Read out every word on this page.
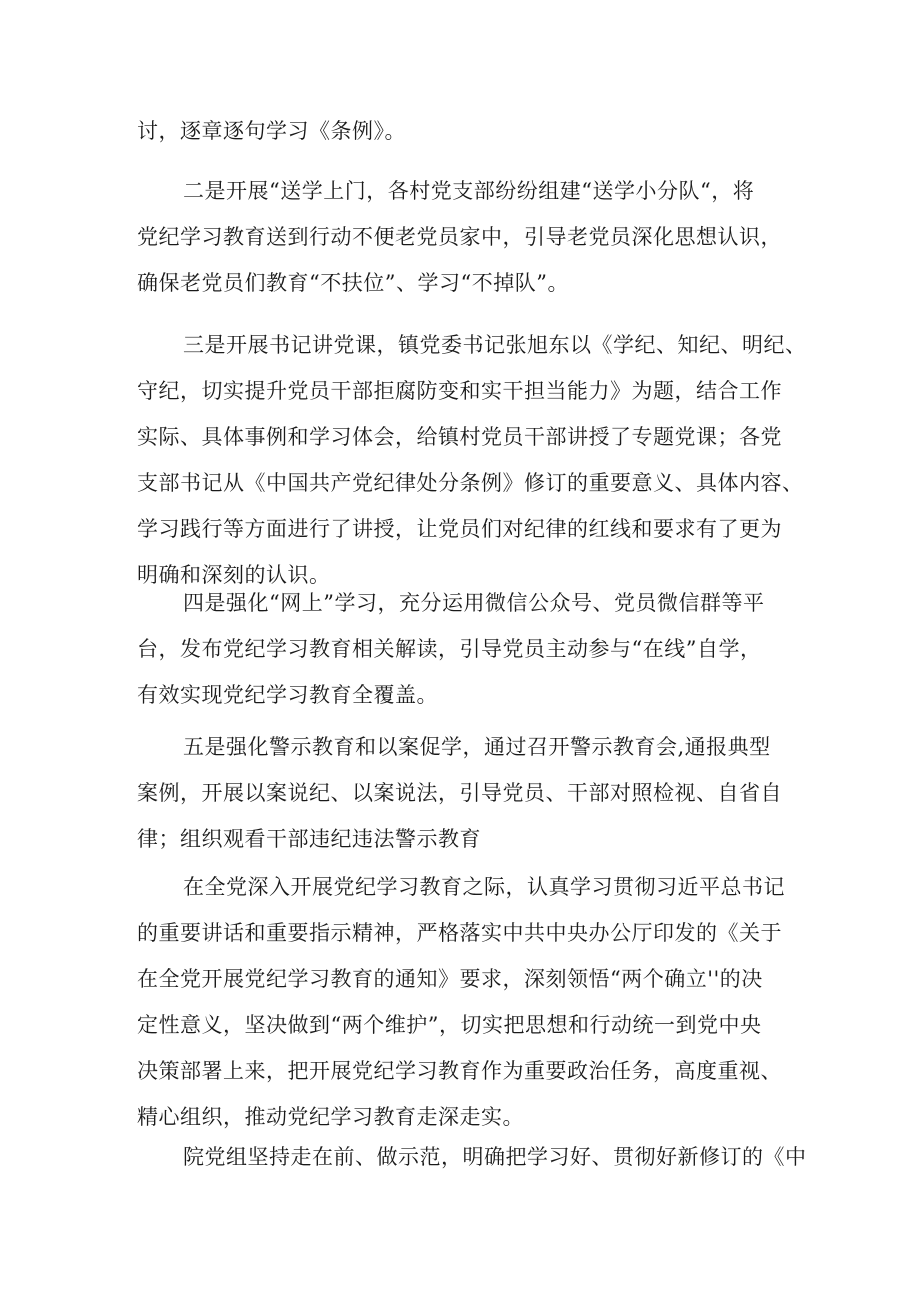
讨，逐章逐句学习《条例》。
二是开展“送学上门，各村党支部纷纷组建“送学小分队“，将
党纪学习教育送到行动不便老党员家中，引导老党员深化思想认识，
确保老党员们教育“不扶位”、学习“不掉队”。
三是开展书记讲党课，镇党委书记张旭东以《学纪、知纪、明纪、
守纪，切实提升党员干部拒腐防变和实干担当能力》为题，结合工作
实际、具体事例和学习体会，给镇村党员干部讲授了专题党课；各党
支部书记从《中国共产党纪律处分条例》修订的重要意义、具体内容、
学习践行等方面进行了讲授，让党员们对纪律的红线和要求有了更为
明确和深刻的认识。
四是强化“网上”学习，充分运用微信公众号、党员微信群等平
台，发布党纪学习教育相关解读，引导党员主动参与“在线”自学，
有效实现党纪学习教育全覆盖。
五是强化警示教育和以案促学，通过召开警示教育会,通报典型
案例，开展以案说纪、以案说法，引导党员、干部对照检视、自省自
律；组织观看干部违纪违法警示教育
在全党深入开展党纪学习教育之际，认真学习贯彻习近平总书记
的重要讲话和重要指示精神，严格落实中共中央办公厅印发的《关于
在全党开展党纪学习教育的通知》要求，深刻领悟“两个确立''的决
定性意义，坚决做到“两个维护”，切实把思想和行动统一到党中央
决策部署上来，把开展党纪学习教育作为重要政治任务，高度重视、
精心组织，推动党纪学习教育走深走实。
院党组坚持走在前、做示范，明确把学习好、贯彻好新修订的《中
